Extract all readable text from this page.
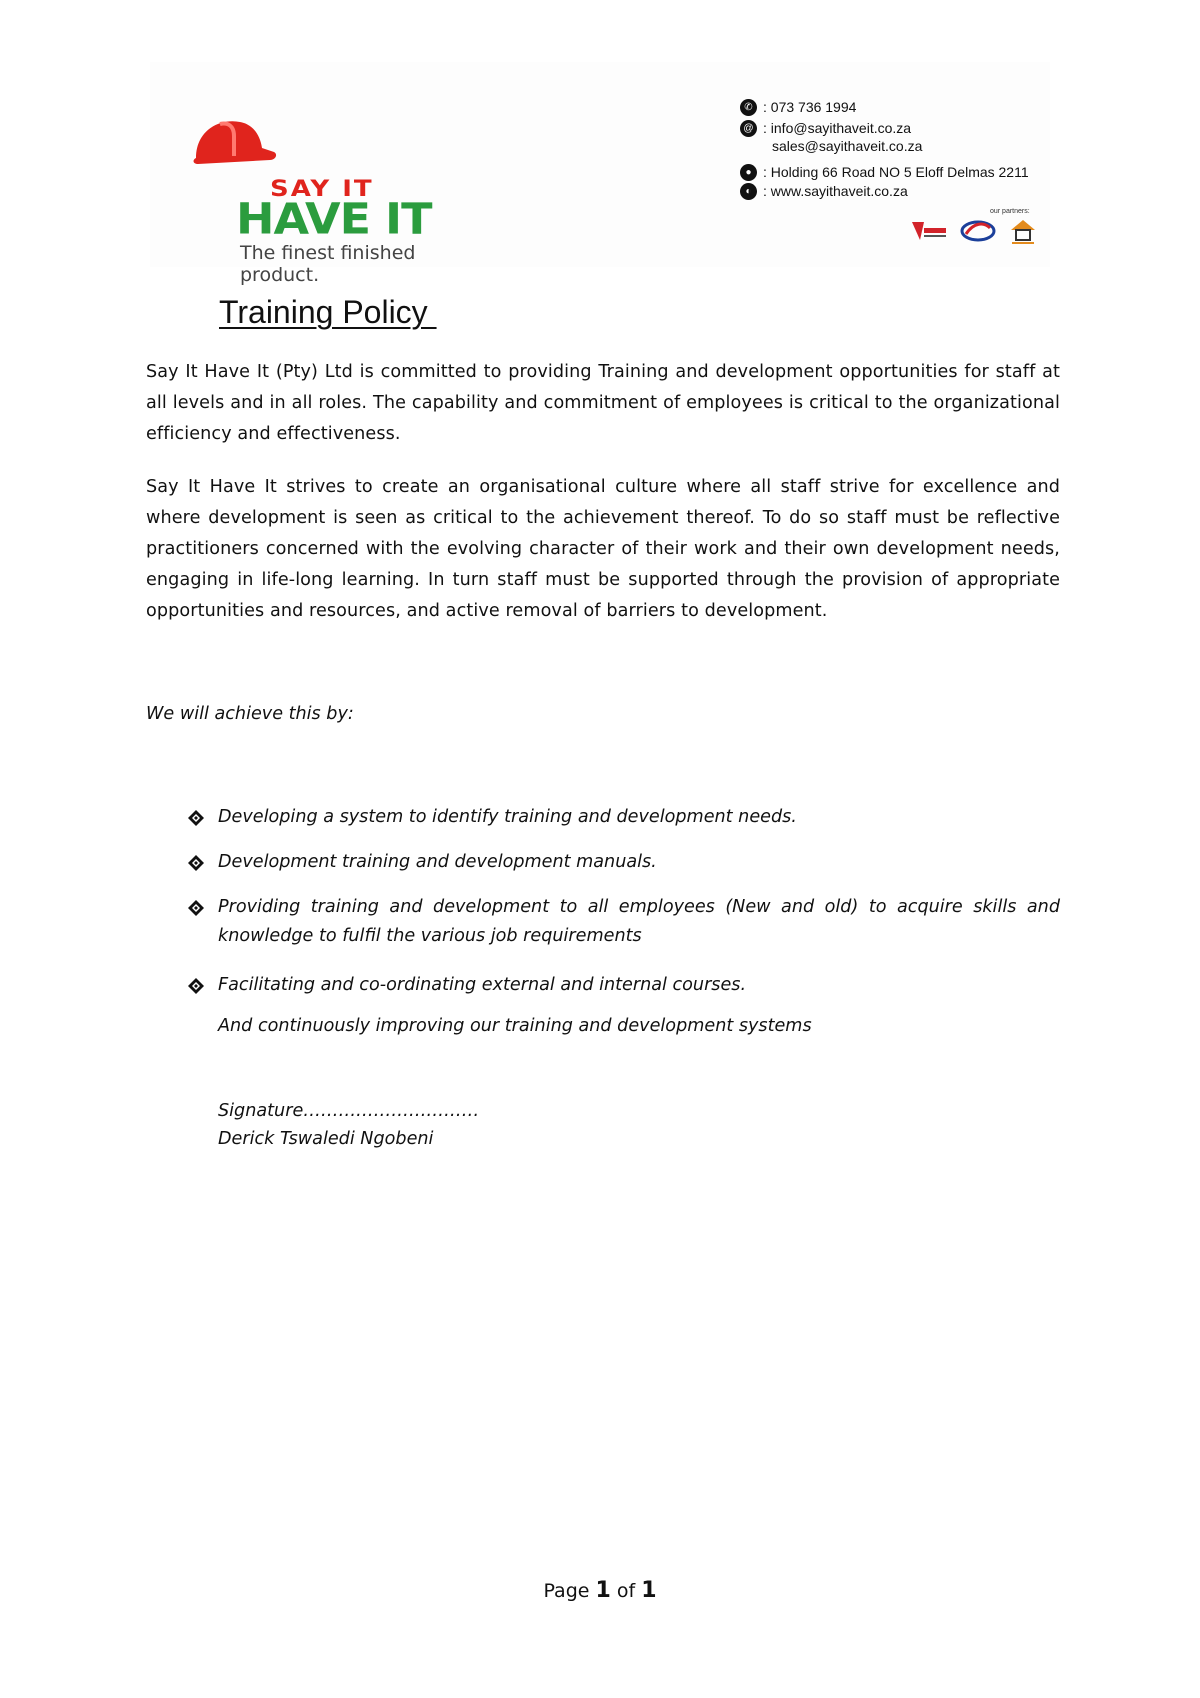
SAY IT
HAVE IT
The finest finished product.
✆ : 073 736 1994
@ : info@sayithaveit.co.za
sales@sayithaveit.co.za
● : Holding 66 Road NO 5 Eloff Delmas 2211
◐ : www.sayithaveit.co.za
our partners:
Training Policy

Say It Have It (Pty) Ltd is committed to providing Training and development opportunities for staff at all levels and in all roles. The capability and commitment of employees is critical to the organizational efficiency and effectiveness.

Say It Have It strives to create an organisational culture where all staff strive for excellence and where development is seen as critical to the achievement thereof. To do so staff must be reflective practitioners concerned with the evolving character of their work and their own development needs, engaging in life-long learning. In turn staff must be supported through the provision of appropriate opportunities and resources, and active removal of barriers to development.

We will achieve this by:

Developing a system to identify training and development needs.
Development training and development manuals.
Providing training and development to all employees (New and old) to acquire skills and knowledge to fulfil the various job requirements
Facilitating and co-ordinating external and internal courses.

And continuously improving our training and development systems

Signature…………………………
Derick Tswaledi Ngobeni
Page 1 of 1
